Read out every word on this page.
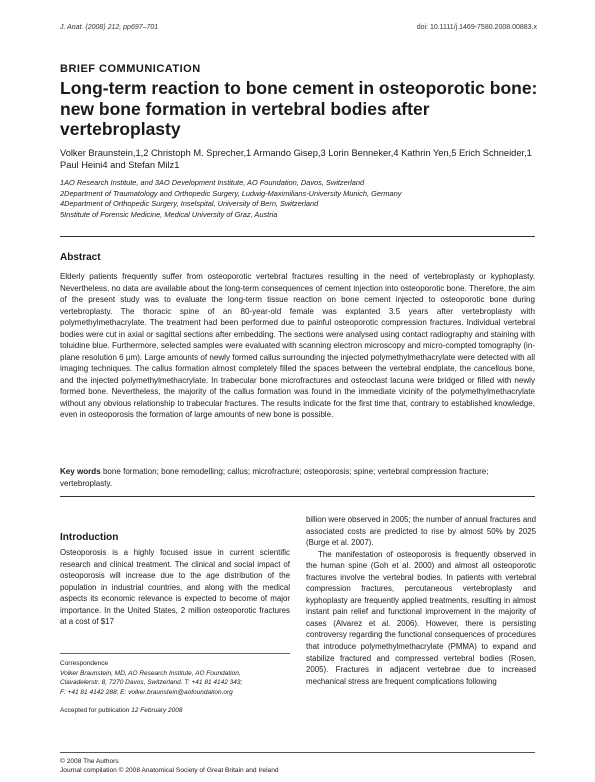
J. Anat. (2008) 212, pp697–701	doi: 10.1111/j.1469-7580.2008.00883.x
BRIEF COMMUNICATION
Long-term reaction to bone cement in osteoporotic bone: new bone formation in vertebral bodies after vertebroplasty
Volker Braunstein,1,2 Christoph M. Sprecher,1 Armando Gisep,3 Lorin Benneker,4 Kathrin Yen,5 Erich Schneider,1 Paul Heini4 and Stefan Milz1
1AO Research Institute, and 3AO Development Institute, AO Foundation, Davos, Switzerland
2Department of Traumatology and Orthopedic Surgery, Ludwig-Maximilians-University Munich, Germany
4Department of Orthopedic Surgery, Inselspital, University of Bern, Switzerland
5Institute of Forensic Medicine, Medical University of Graz, Austria
Abstract
Elderly patients frequently suffer from osteoporotic vertebral fractures resulting in the need of vertebroplasty or kyphoplasty. Nevertheless, no data are available about the long-term consequences of cement injection into osteoporotic bone. Therefore, the aim of the present study was to evaluate the long-term tissue reaction on bone cement injected to osteoporotic bone during vertebroplasty. The thoracic spine of an 80-year-old female was explanted 3.5 years after vertebroplasty with polymethylmethacrylate. The treatment had been performed due to painful osteoporotic compression fractures. Individual vertebral bodies were cut in axial or sagittal sections after embedding. The sections were analysed using contact radiography and staining with toluidine blue. Furthermore, selected samples were evaluated with scanning electron microscopy and micro-compted tomography (in-plane resolution 6 µm). Large amounts of newly formed callus surrounding the injected polymethylmethacrylate were detected with all imaging techniques. The callus formation almost completely filled the spaces between the vertebral endplate, the cancellous bone, and the injected polymethylmethacrylate. In trabecular bone microfractures and osteoclast lacuna were bridged or filled with newly formed bone. Nevertheless, the majority of the callus formation was found in the immediate vicinity of the polymethylmethacrylate without any obvious relationship to trabecular fractures. The results indicate for the first time that, contrary to established knowledge, even in osteoporosis the formation of large amounts of new bone is possible.
Key words bone formation; bone remodelling; callus; microfracture; osteoporosis; spine; vertebral compression fracture; vertebroplasty.
Introduction
Osteoporosis is a highly focused issue in current scientific research and clinical treatment. The clinical and social impact of osteoporosis will increase due to the age distribution of the population in industrial countries, and along with the medical aspects its economic relevance is expected to become of major importance. In the United States, 2 million osteoporotic fractures at a cost of $17
billion were observed in 2005; the number of annual fractures and associated costs are predicted to rise by almost 50% by 2025 (Burge et al. 2007).
The manifestation of osteoporosis is frequently observed in the human spine (Goh et al. 2000) and almost all osteoporotic fractures involve the vertebral bodies. In patients with vertebral compression fractures, percutaneous vertebroplasty and kyphoplasty are frequently applied treatments, resulting in almost instant pain relief and functional improvement in the majority of cases (Alvarez et al. 2006). However, there is persisting controversy regarding the functional consequences of procedures that introduce polymethylmethacrylate (PMMA) to expand and stabilize fractured and compressed vertebral bodies (Rosen, 2005). Fractures in adjacent vertebrae due to increased mechanical stress are frequent complications following
Correspondence
Volker Braunstein, MD, AO Research Institute, AO Foundation,
Clavadelerstr. 8, 7270 Davos, Switzerland. T: +41 81 4142 343;
F: +41 81 4142 288; E: volker.braunstein@aofoundation.org
Accepted for publication 12 February 2008
© 2008 The Authors
Journal compilation © 2008 Anatomical Society of Great Britain and Ireland
